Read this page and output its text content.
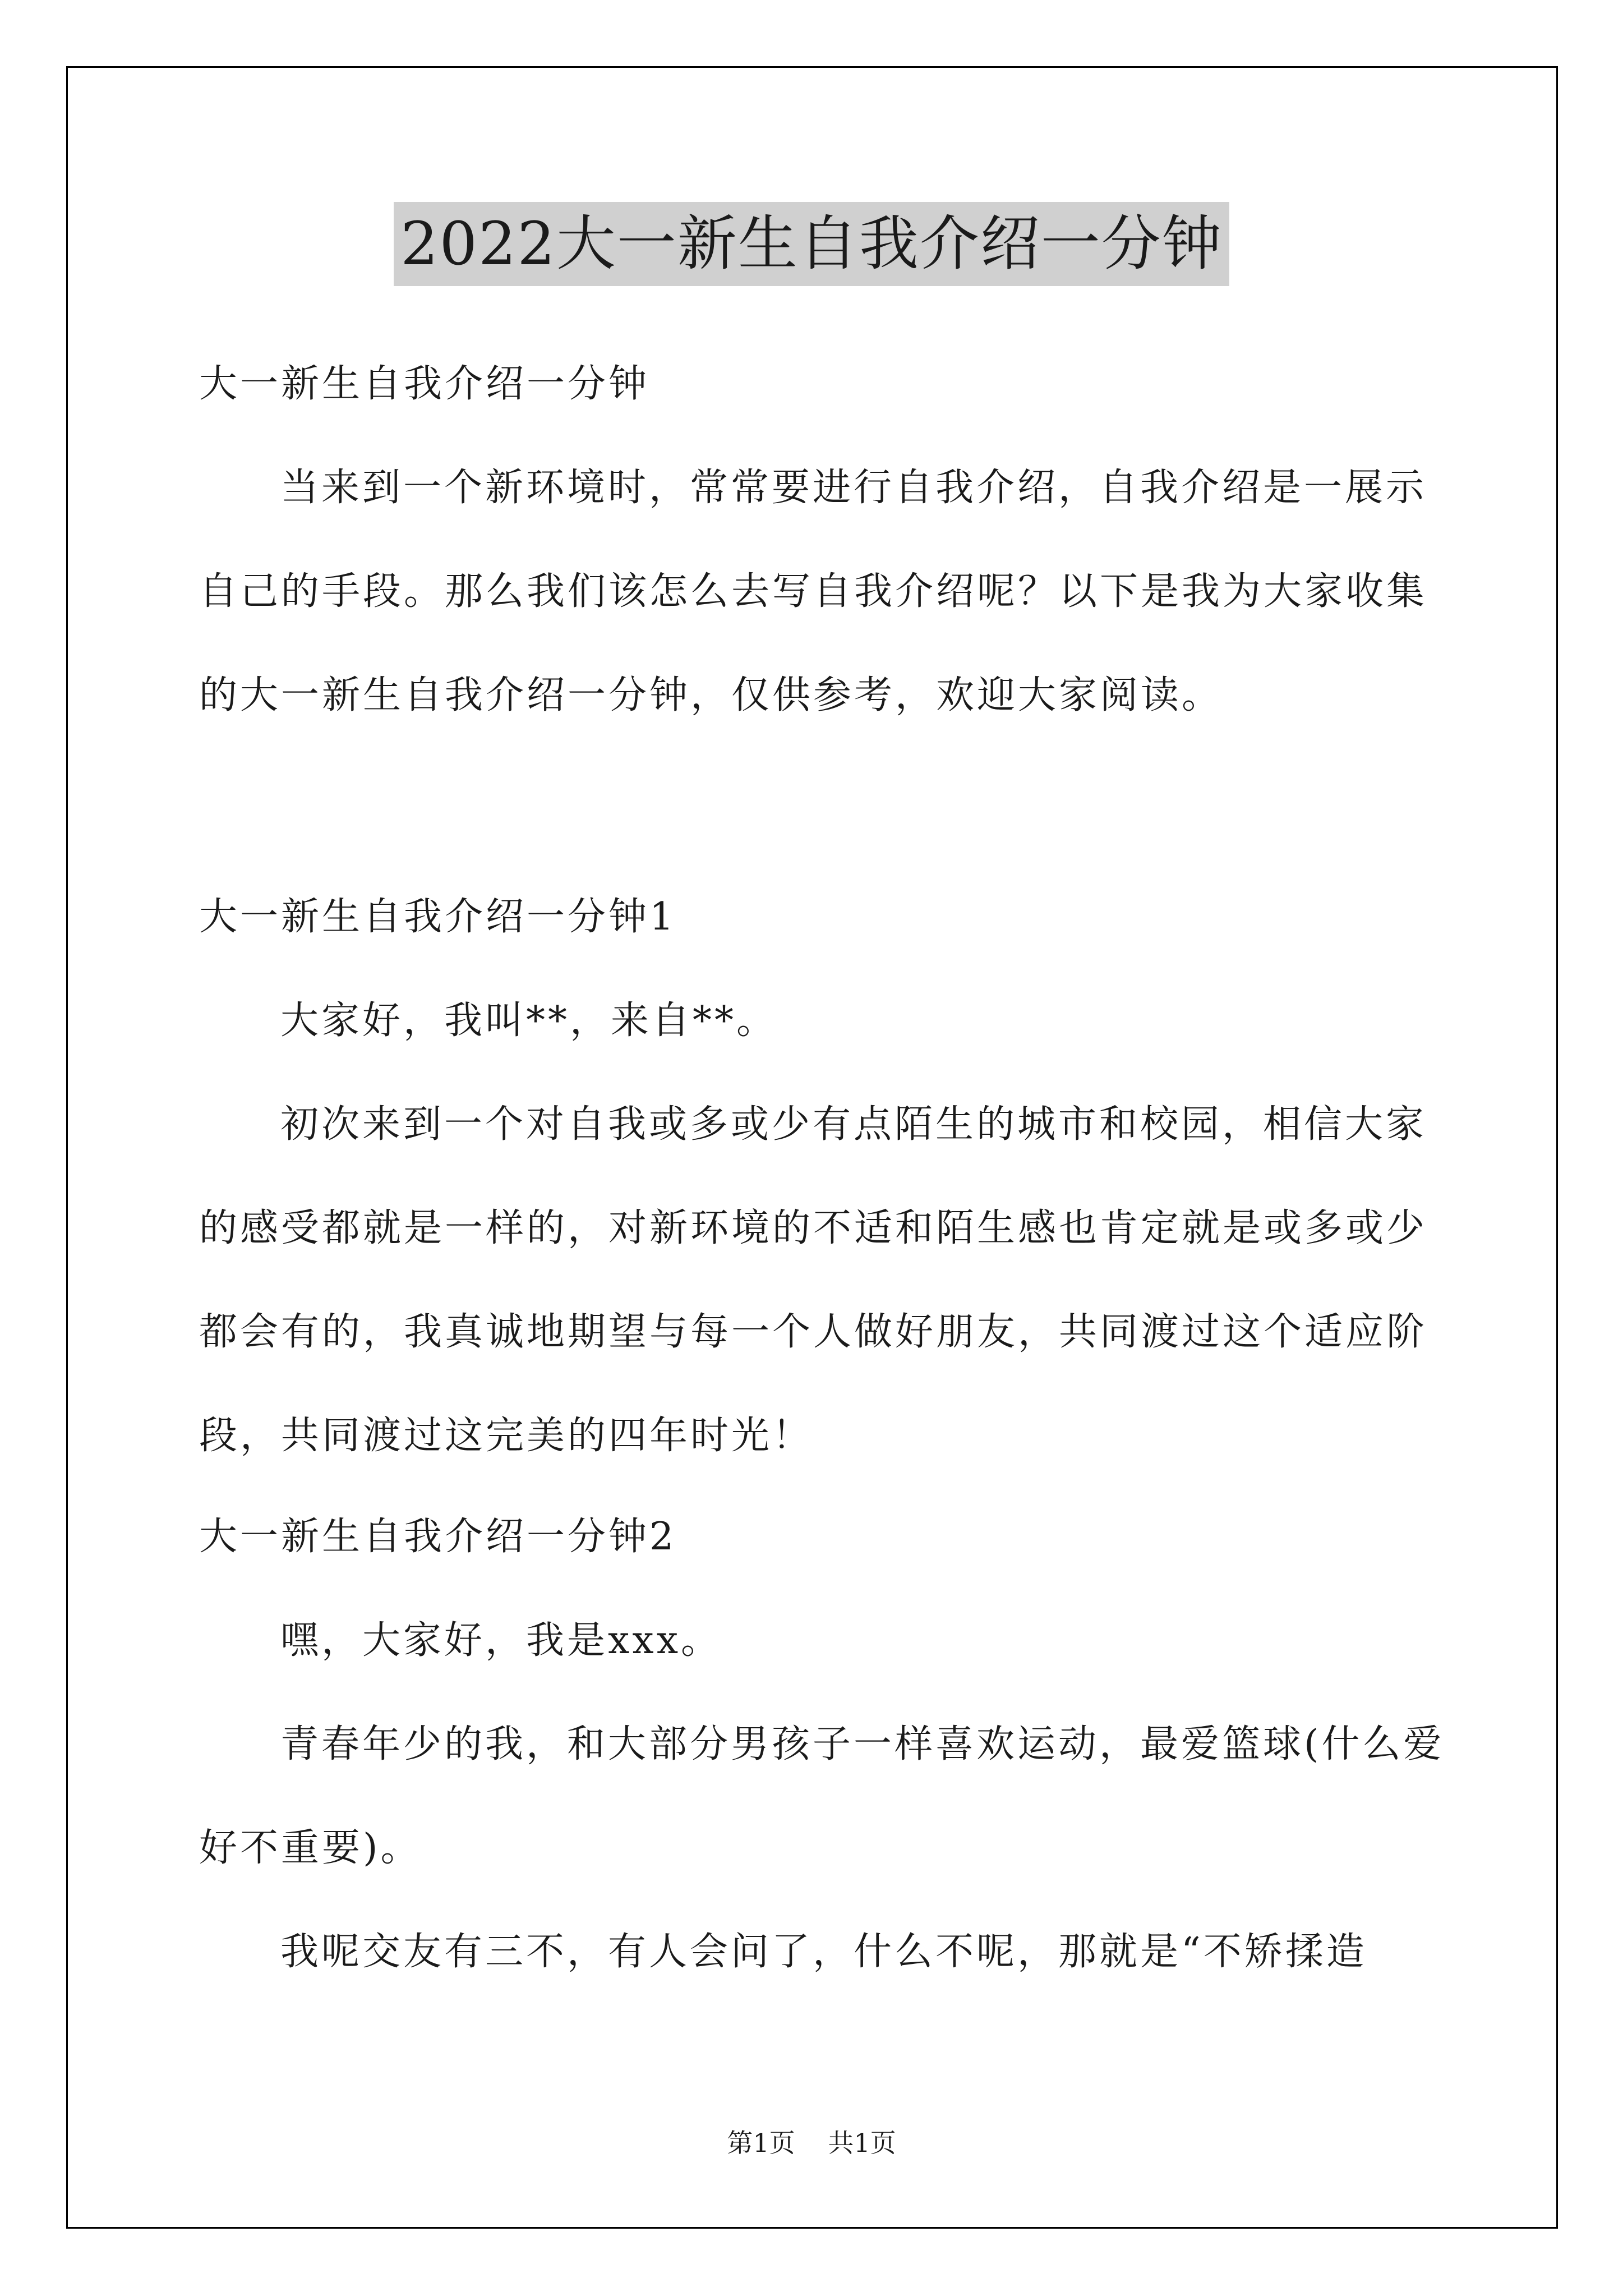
2022大一新生自我介绍一分钟
大一新生自我介绍一分钟
当来到一个新环境时，常常要进行自我介绍，自我介绍是一展示
自己的手段。那么我们该怎么去写自我介绍呢？以下是我为大家收集
的大一新生自我介绍一分钟，仅供参考，欢迎大家阅读。
大一新生自我介绍一分钟1
大家好，我叫**，来自**。
初次来到一个对自我或多或少有点陌生的城市和校园，相信大家
的感受都就是一样的，对新环境的不适和陌生感也肯定就是或多或少
都会有的，我真诚地期望与每一个人做好朋友，共同渡过这个适应阶
段，共同渡过这完美的四年时光！
大一新生自我介绍一分钟2
嘿，大家好，我是xxx。
青春年少的我，和大部分男孩子一样喜欢运动，最爱篮球(什么爱
好不重要)。
我呢交友有三不，有人会问了，什么不呢，那就是“不矫揉造
第1页 共1页
